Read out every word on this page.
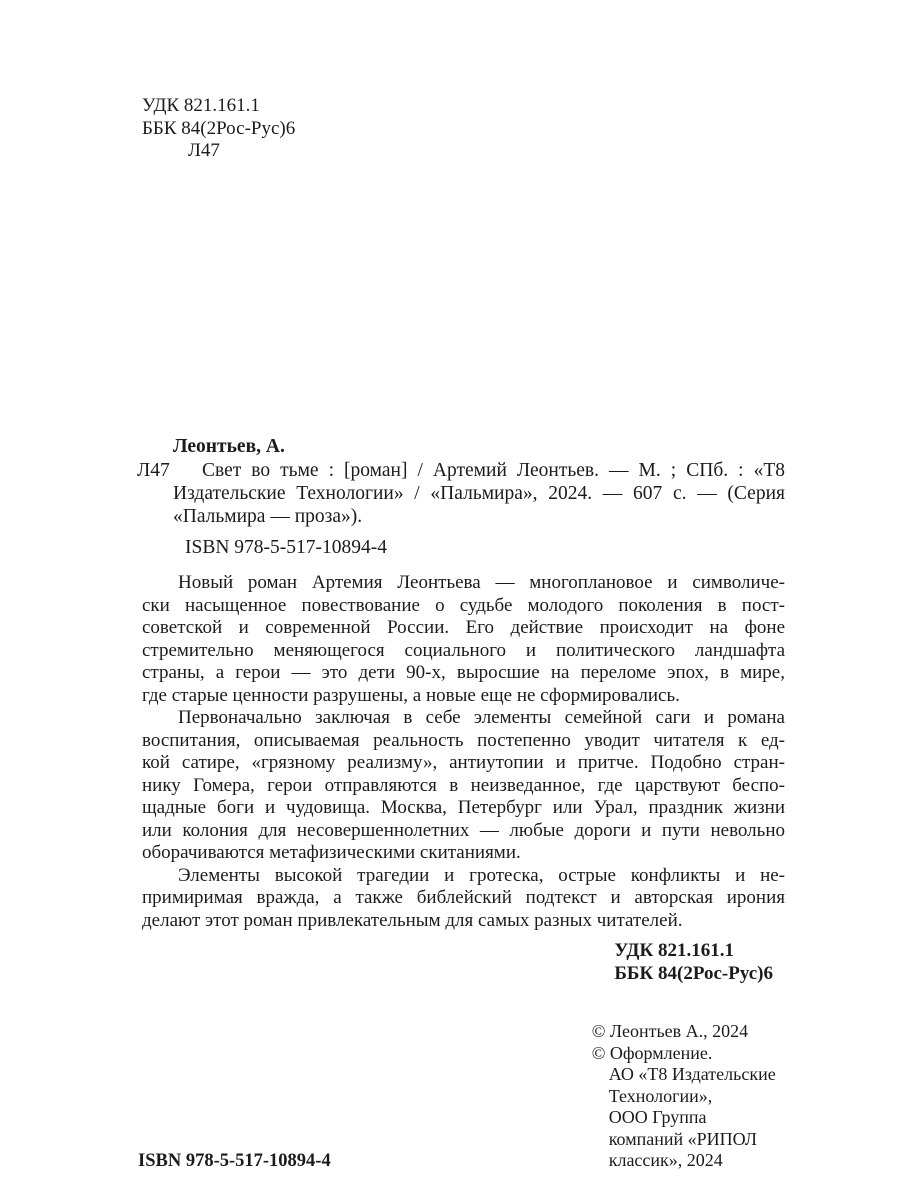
УДК 821.161.1
ББК 84(2Рос-Рус)6
Л47
Леонтьев, А.
Л47	Свет во тьме : [роман] / Артемий Леонтьев. — М. ; СПб. : «Т8
Издательские Технологии» / «Пальмира», 2024. — 607 с. — (Серия
«Пальмира — проза»).
ISBN 978-5-517-10894-4
Новый роман Артемия Леонтьева — многоплановое и символиче-
ски насыщенное повествование о судьбе молодого поколения в пост-
советской и современной России. Его действие происходит на фоне
стремительно меняющегося социального и политического ландшафта
страны, а герои — это дети 90-х, выросшие на переломе эпох, в мире,
где старые ценности разрушены, а новые еще не сформировались.
Первоначально заключая в себе элементы семейной саги и романа
воспитания, описываемая реальность постепенно уводит читателя к ед-
кой сатире, «грязному реализму», антиутопии и притче. Подобно стран-
нику Гомера, герои отправляются в неизведанное, где царствуют беспо-
щадные боги и чудовища. Москва, Петербург или Урал, праздник жизни
или колония для несовершеннолетних — любые дороги и пути невольно
оборачиваются метафизическими скитаниями.
Элементы высокой трагедии и гротеска, острые конфликты и не-
примиримая вражда, а также библейский подтекст и авторская ирония
делают этот роман привлекательным для самых разных читателей.
УДК 821.161.1
ББК 84(2Рос-Рус)6
ISBN 978-5-517-10894-4
© Леонтьев А., 2024
© Оформление.
АО «Т8 Издательские Технологии»,
ООО Группа компаний «РИПОЛ классик», 2024
